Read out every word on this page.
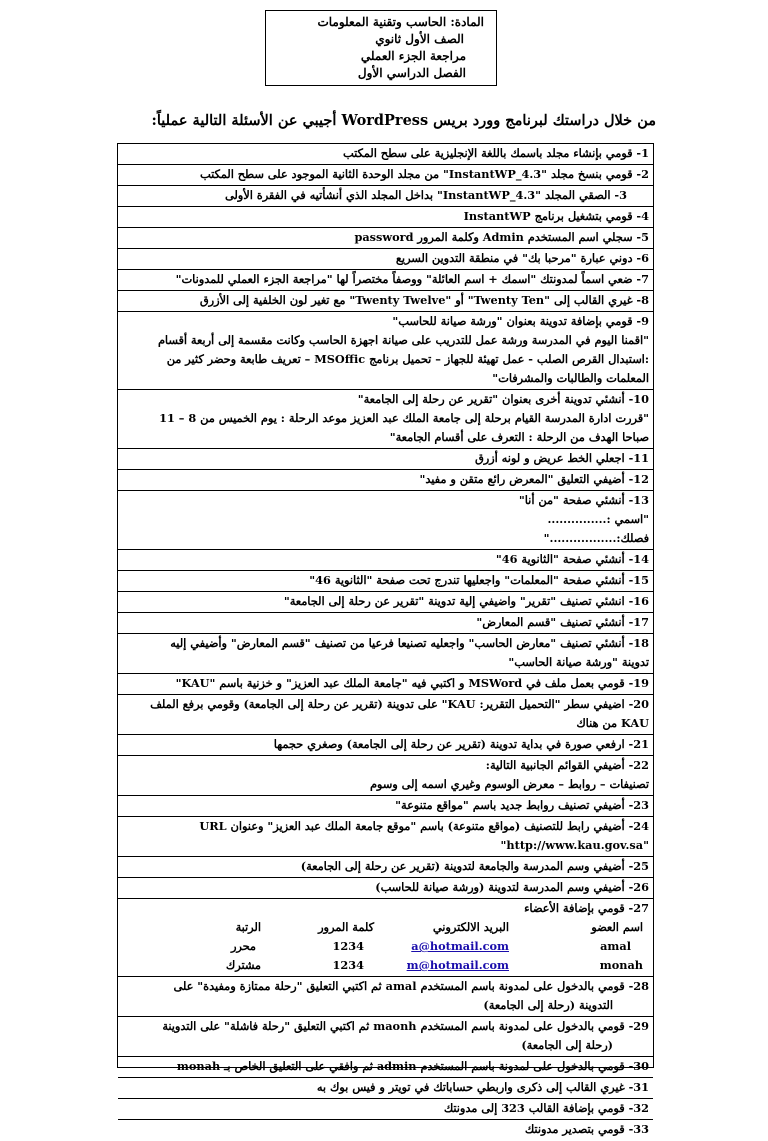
المادة: الحاسب وتقنية المعلومات
الصف الأول ثانوي
مراجعة الجزء العملي
الفصل الدراسي الأول
من خلال دراستك لبرنامج وورد بريس WordPress أجيبي عن الأسئلة التالية عملياً:
1- قومي بإنشاء مجلد باسمك باللغة الإنجليزية على سطح المكتب
2- قومي بنسخ مجلد "InstantWP_4.3" من مجلد الوحدة الثانية الموجود على سطح المكتب
3- الصقي المجلد "InstantWP_4.3" بداخل المجلد الذي أنشأتيه في الفقرة الأولى
4- قومي بتشغيل برنامج InstantWP
5- سجلي اسم المستخدم Admin وكلمة المرور password
6- دوني عبارة "مرحبا بك" في منطقة التدوين السريع
7- ضعي اسماً لمدونتك "اسمك + اسم العائلة" ووصفاً مختصراً لها "مراجعة الجزء العملي للمدونات"
8- غيري القالب إلى "Twenty Ten" أو "Twenty Twelve" مع تغير لون الخلفية إلى الأزرق
9- قومي بإضافة تدوينة بعنوان "ورشة صيانة للحاسب"
"اقمنا اليوم في المدرسة ورشة عمل للتدريب على صيانة اجهزة الحاسب وكانت مقسمة إلى أربعة أقسام
:استبدال القرص الصلب - عمل تهيئة للجهاز – تحميل برنامج MSOffic – تعريف طابعة وحضر كثير من
المعلمات والطالبات والمشرفات"
10- أنشئي تدوينة أخرى بعنوان "تقرير عن رحلة إلى الجامعة"
"قررت ادارة المدرسة القيام برحلة إلى جامعة الملك عبد العزيز موعد الرحلة : يوم الخميس من 8 – 11
صباحا الهدف من الرحلة : التعرف على أقسام الجامعة"
11- اجعلي الخط عريض و لونه أزرق
12- أضيفي التعليق "المعرض رائع متقن و مفيد"
13- أنشئي صفحة "من أنا"
"اسمي :...............
فصلك:................."
14- أنشئي صفحة "الثانوية 46"
15- أنشئي صفحة "المعلمات" واجعليها تندرج تحت صفحة "الثانوية 46"
16- انشئي تصنيف "تقرير" واضيفي إلية تدوينة "تقرير عن رحلة إلى الجامعة"
17- أنشئي تصنيف "قسم المعارض"
18- أنشئي تصنيف "معارض الحاسب" واجعليه تصنيعا فرعيا من تصنيف "قسم المعارض" وأضيفي إليه
تدوينة "ورشة صيانة الحاسب"
19- قومي بعمل ملف في MSWord و اكتبي فيه "جامعة الملك عبد العزيز" و خزنية باسم "KAU"
20- اضيفي سطر "التحميل التقرير: KAU" على تدوينة (تقرير عن رحلة إلى الجامعة) وقومي برفع الملف
KAU من هناك
21- ارفعي صورة في بداية تدوينة (تقرير عن رحلة إلى الجامعة) وصغري حجمها
22- أضيفي القوائم الجانبية التالية:
تصنيفات – روابط – معرض الوسوم وغيري اسمه إلى وسوم
23- أضيفي تصنيف روابط جديد باسم "مواقع متنوعة"
24- أضيفي رابط للتصنيف (مواقع متنوعة) باسم "موقع جامعة الملك عبد العزيز" وعنوان URL
"http://www.kau.gov.sa"
25- أضيفي وسم المدرسة والجامعة لتدوينة (تقرير عن رحلة إلى الجامعة)
26- أضيفي وسم المدرسة لتدوينة (ورشة صيانة للحاسب)
27- قومي بإضافة الأعضاء
اسم العضو
البريد الالكتروني
كلمة المرور
الرتبة
amal
a@hotmail.com
1234
محرر
monah
m@hotmail.com
1234
مشترك
28- قومي بالدخول على لمدونة باسم المستخدم amal ثم اكتبي التعليق "رحلة ممتازة ومفيدة" على
التدوينة (رحلة إلى الجامعة)
29- قومي بالدخول على لمدونة باسم المستخدم maonh ثم اكتبي التعليق "رحلة فاشلة" على التدوينة
(رحلة إلى الجامعة)
30- قومي بالدخول على لمدونة باسم المستخدم admin ثم وافقي على التعليق الخاص بـ monah
31- غيري القالب إلى ذكرى واربطي حساباتك في تويتر و فيس بوك به
32- قومي بإضافة القالب 323 إلى مدونتك
33- قومي بتصدير مدونتك
